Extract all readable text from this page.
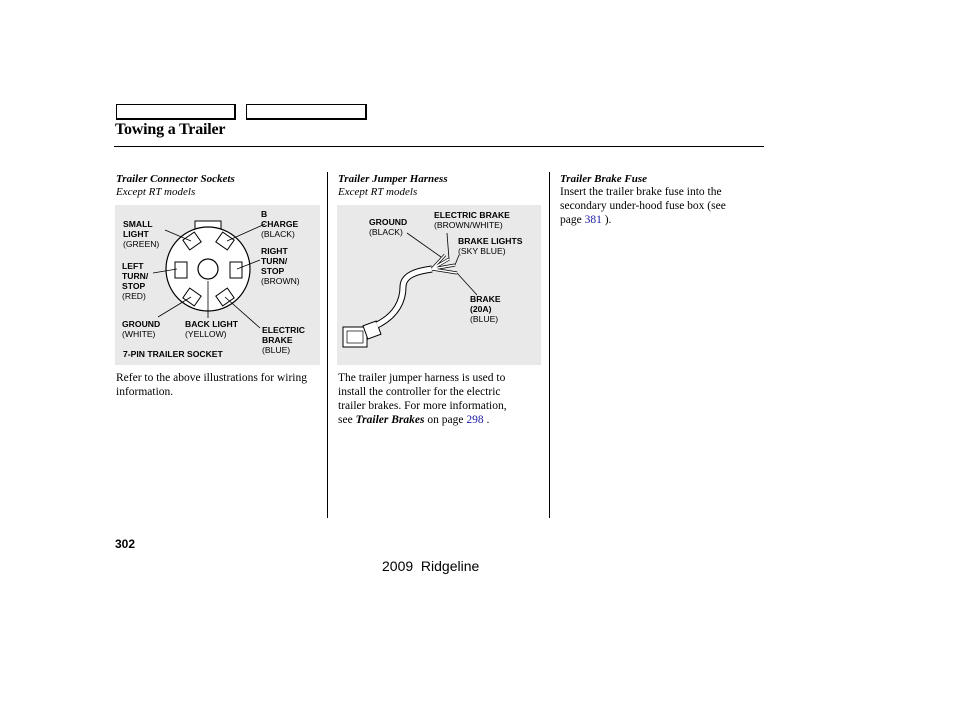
Towing a Trailer
Trailer Connector Sockets
Except RT models
SMALL
LIGHT
(GREEN)
B
CHARGE
(BLACK)
RIGHT
TURN/
STOP
(BROWN)
LEFT
TURN/
STOP
(RED)
GROUND
(WHITE)
BACK LIGHT
(YELLOW)	ELECTRIC
BRAKE
(BLUE)
7-PIN TRAILER SOCKET
Refer to the above illustrations for wiring information.
Trailer Jumper Harness
Except RT models
GROUND
(BLACK)
ELECTRIC BRAKE
(BROWN/WHITE)
BRAKE LIGHTS
(SKY BLUE)
BRAKE
(20A)
(BLUE)
The trailer jumper harness is used to
install the controller for the electric
trailer brakes. For more information,
see Trailer Brakes on page 298 .
Trailer Brake Fuse
Insert the trailer brake fuse into the
secondary under-hood fuse box (see
page 381 ).
302
2009  Ridgeline
